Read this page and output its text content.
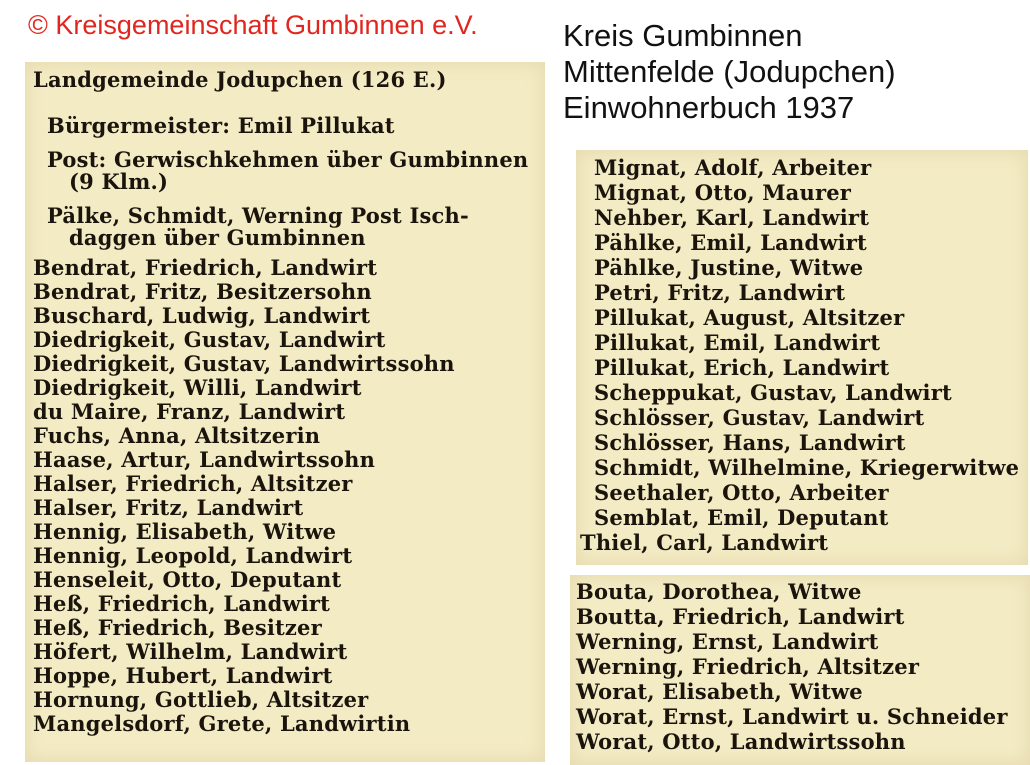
© Kreisgemeinschaft Gumbinnen e.V.	Kreis Gumbinnen
Mittenfelde (Jodupchen)
Einwohnerbuch 1937
Landgemeinde Jodupchen (126 E.)
Bürgermeister: Emil Pillukat
Post: Gerwischkehmen über Gumbinnen
(9 Klm.)
Pälke, Schmidt, Werning Post Isch-
daggen über Gumbinnen
Bendrat, Friedrich, Landwirt
Bendrat, Fritz, Besitzersohn
Buschard, Ludwig, Landwirt
Diedrigkeit, Gustav, Landwirt
Diedrigkeit, Gustav, Landwirtssohn
Diedrigkeit, Willi, Landwirt
du Maire, Franz, Landwirt
Fuchs, Anna, Altsitzerin
Haase, Artur, Landwirtssohn
Halser, Friedrich, Altsitzer
Halser, Fritz, Landwirt
Hennig, Elisabeth, Witwe
Hennig, Leopold, Landwirt
Henseleit, Otto, Deputant
Heß, Friedrich, Landwirt
Heß, Friedrich, Besitzer
Höfert, Wilhelm, Landwirt
Hoppe, Hubert, Landwirt
Hornung, Gottlieb, Altsitzer
Mangelsdorf, Grete, Landwirtin
Mignat, Adolf, Arbeiter
Mignat, Otto, Maurer
Nehber, Karl, Landwirt
Pählke, Emil, Landwirt
Pählke, Justine, Witwe
Petri, Fritz, Landwirt
Pillukat, August, Altsitzer
Pillukat, Emil, Landwirt
Pillukat, Erich, Landwirt
Scheppukat, Gustav, Landwirt
Schlösser, Gustav, Landwirt
Schlösser, Hans, Landwirt
Schmidt, Wilhelmine, Kriegerwitwe
Seethaler, Otto, Arbeiter
Semblat, Emil, Deputant
Thiel, Carl, Landwirt
Bouta, Dorothea, Witwe
Boutta, Friedrich, Landwirt
Werning, Ernst, Landwirt
Werning, Friedrich, Altsitzer
Worat, Elisabeth, Witwe
Worat, Ernst, Landwirt u. Schneider
Worat, Otto, Landwirtssohn
